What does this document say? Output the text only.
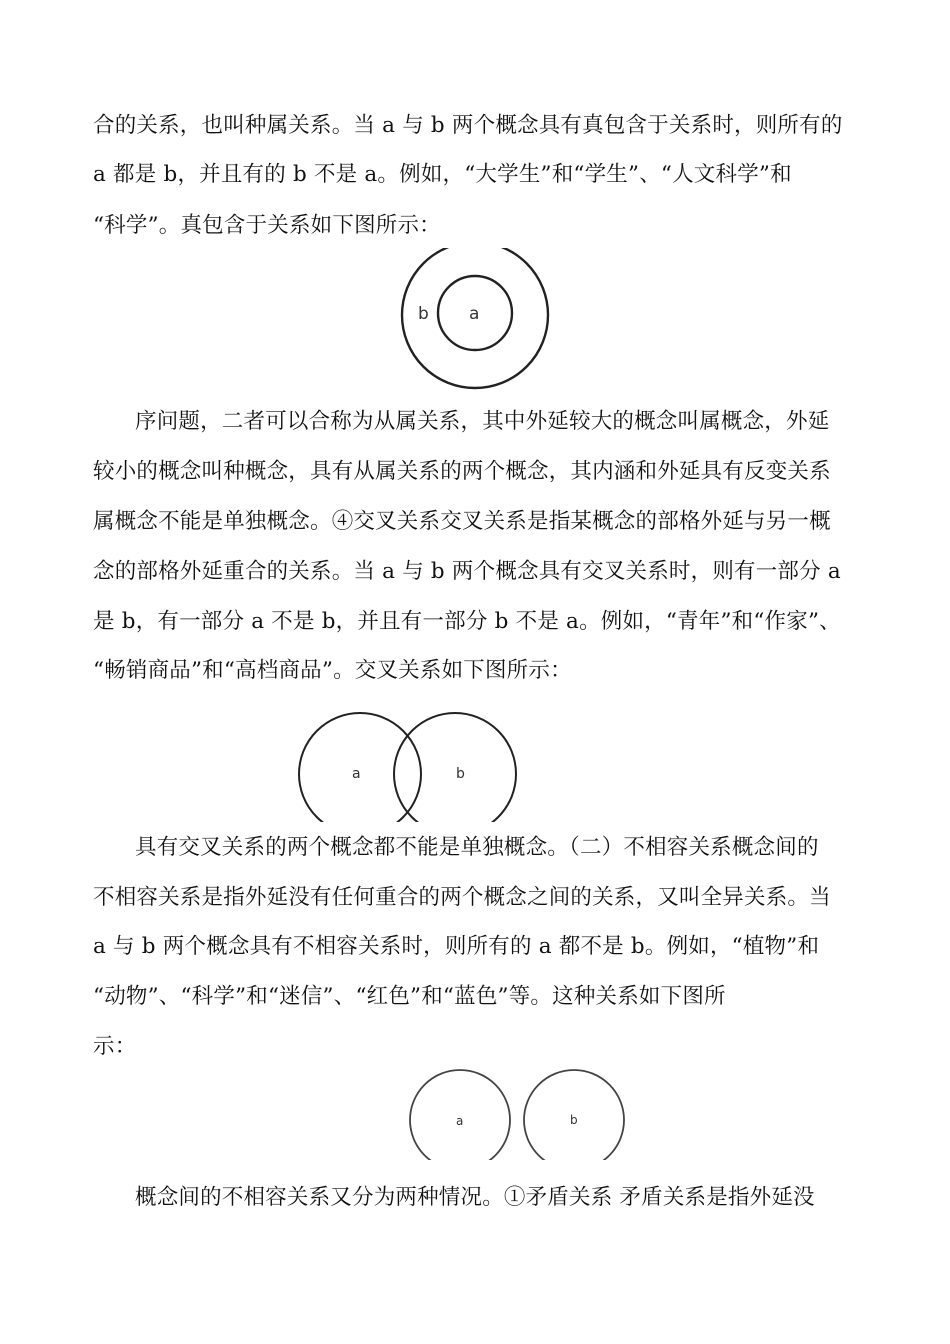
合的关系，也叫种属关系。当 a 与 b 两个概念具有真包含于关系时，则所有的
a 都是 b，并且有的 b 不是 a。例如，“大学生”和“学生”、“人文科学”和
“科学”。真包含于关系如下图所示：
b a
序问题，二者可以合称为从属关系，其中外延较大的概念叫属概念，外延
较小的概念叫种概念，具有从属关系的两个概念，其内涵和外延具有反变关系
属概念不能是单独概念。④交叉关系交叉关系是指某概念的部格外延与另一概
念的部格外延重合的关系。当 a 与 b 两个概念具有交叉关系时，则有一部分 a
是 b，有一部分 a 不是 b，并且有一部分 b 不是 a。例如，“青年”和“作家”、
“畅销商品”和“高档商品”。交叉关系如下图所示：
a	b
具有交叉关系的两个概念都不能是单独概念。（二）不相容关系概念间的
不相容关系是指外延没有任何重合的两个概念之间的关系，又叫全异关系。当
a 与 b 两个概念具有不相容关系时，则所有的 a 都不是 b。例如，“植物”和
“动物”、“科学”和“迷信”、“红色”和“蓝色”等。这种关系如下图所
示：
a	b
概念间的不相容关系又分为两种情况。①矛盾关系 矛盾关系是指外延没
